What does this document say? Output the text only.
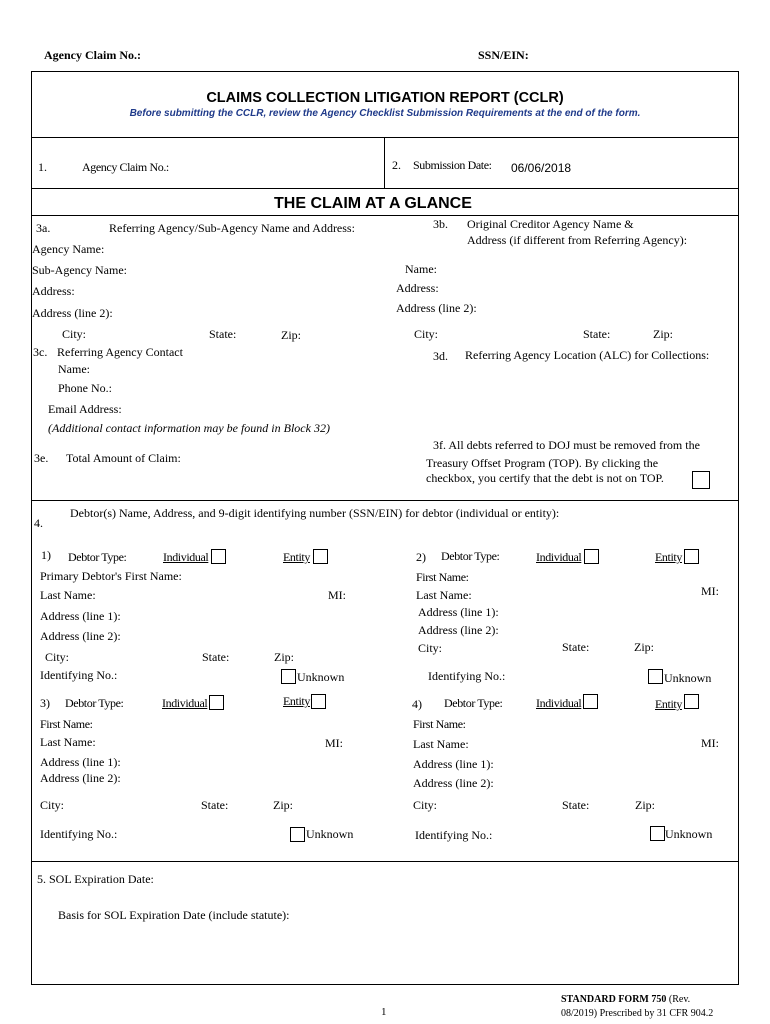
Agency Claim No.:	SSN/EIN:
CLAIMS COLLECTION LITIGATION REPORT (CCLR)
Before submitting the CCLR, review the Agency Checklist Submission Requirements at the end of the form.
1.	Agency Claim No.:	2. Submission Date: 06/06/2018
THE CLAIM AT A GLANCE
3a.	Referring Agency/Sub-Agency Name and Address:
Agency Name:
Sub-Agency Name:
Address:
Address (line 2):
City:	State:	Zip:
3b. Original Creditor Agency Name &
Address (if different from Referring Agency):
Name:
Address:
Address (line 2):
City:	State:	Zip:
3c. Referring Agency Contact
Name:
Phone No.:
Email Address:
(Additional contact information may be found in Block 32)
3d. Referring Agency Location (ALC) for Collections:
3e. Total Amount of Claim:
3f. All debts referred to DOJ must be removed from the
Treasury Offset Program (TOP). By clicking the
checkbox, you certify that the debt is not on TOP.
Debtor(s) Name, Address, and 9-digit identifying number (SSN/EIN) for debtor (individual or entity):
4.
1) Debtor Type:	Individual	Entity
Primary Debtor's First Name:
Last Name:	MI:
Address (line 1):
Address (line 2):
City:	State:	Zip:
Identifying No.:	Unknown
2) Debtor Type:	Individual	Entity
First Name:
Last Name:	MI:
Address (line 1):
Address (line 2):
City:	State:	Zip:
Identifying No.:	Unknown
3) Debtor Type:	Individual	Entity
First Name:
Last Name:	MI:
Address (line 1):
Address (line 2):
City:	State:	Zip:
Identifying No.:	Unknown
4) Debtor Type:	Individual	Entity
First Name:
Last Name:	MI:
Address (line 1):
Address (line 2):
City:	State:	Zip:
Identifying No.:	Unknown
5. SOL Expiration Date:
Basis for SOL Expiration Date (include statute):
1
STANDARD FORM 750 (Rev.
08/2019) Prescribed by 31 CFR 904.2
